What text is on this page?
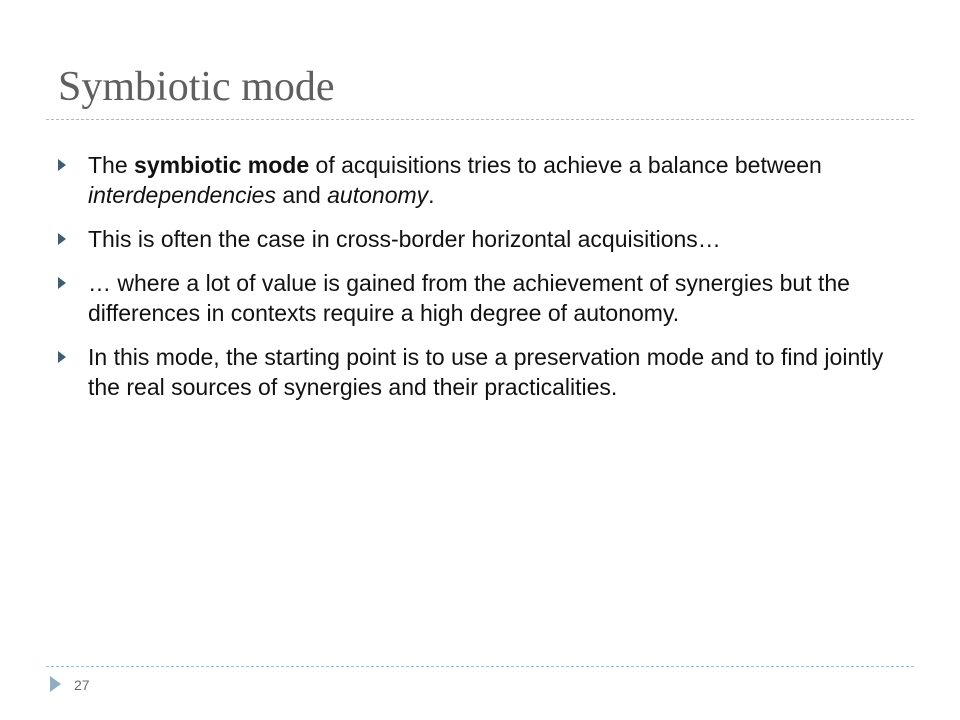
Symbiotic mode
The symbiotic mode of acquisitions tries to achieve a balance between interdependencies and autonomy.
This is often the case in cross-border horizontal acquisitions…
… where a lot of value is gained from the achievement of synergies but the differences in contexts require a high degree of autonomy.
In this mode, the starting point is to use a preservation mode and to find jointly the real sources of synergies and their practicalities.
27
